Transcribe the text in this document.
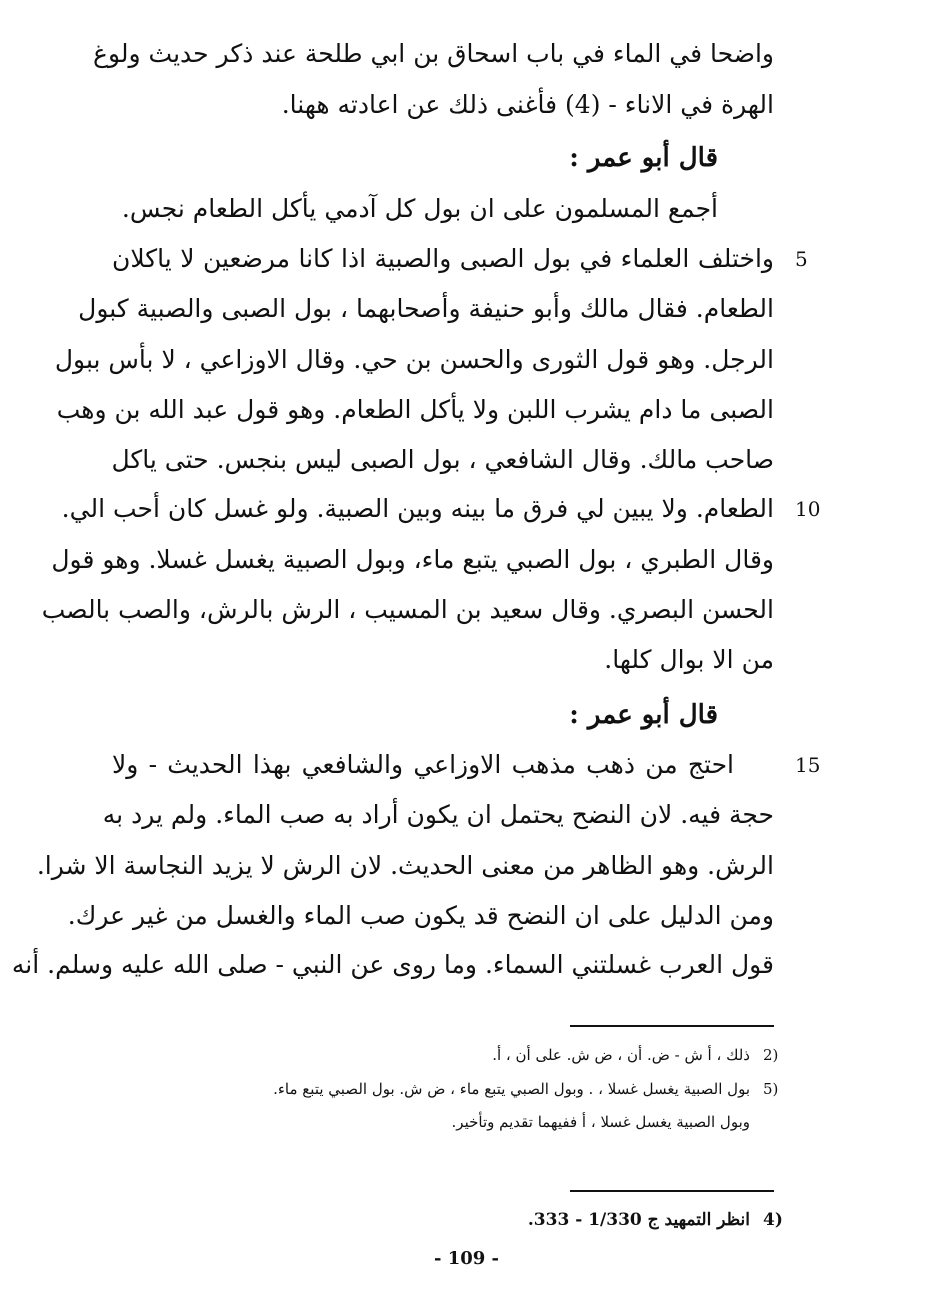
واضحا في الماء في باب اسحاق بن ابي طلحة عند ذكر حديث ولوغ
الهرة في الاناء - (4) فأغنى ذلك عن اعادته ههنا.
قال أبو عمر :
أجمع المسلمون على ان بول كل آدمي يأكل الطعام نجس.
5
واختلف العلماء في بول الصبى والصبية اذا كانا مرضعين لا ياكلان
الطعام. فقال مالك وأبو حنيفة وأصحابهما ، بول الصبى والصبية كبول
الرجل. وهو قول الثورى والحسن بن حي. وقال الاوزاعي ، لا بأس ببول
الصبى ما دام يشرب اللبن ولا يأكل الطعام. وهو قول عبد الله بن وهب
صاحب مالك. وقال الشافعي ، بول الصبى ليس بنجس. حتى ياكل
10
الطعام. ولا يبين لي فرق ما بينه وبين الصبية. ولو غسل كان أحب الي.
وقال الطبري ، بول الصبي يتبع ماء، وبول الصبية يغسل غسلا. وهو قول
الحسن البصري. وقال سعيد بن المسيب ، الرش بالرش، والصب بالصب
من الا بوال كلها.
قال أبو عمر :
15
احتج من ذهب مذهب الاوزاعي والشافعي بهذا الحديث - ولا
حجة فيه. لان النضح يحتمل ان يكون أراد به صب الماء. ولم يرد به
الرش. وهو الظاهر من معنى الحديث. لان الرش لا يزيد النجاسة الا شرا.
ومن الدليل على ان النضح قد يكون صب الماء والغسل من غير عرك.
قول العرب غسلتني السماء. وما روى عن النبي - صلى الله عليه وسلم. أنه
2)
ذلك ، أ ش - ض. أن ، ض ش. على أن ، أ.
5)
بول الصبية يغسل غسلا ، . وبول الصبي يتبع ماء ، ض ش. بول الصبي يتبع ماء.
وبول الصبية يغسل غسلا ، أ ففيهما تقديم وتأخير.
4)
انظر التمهيد ج 1/330 - 333.
- 109 -
